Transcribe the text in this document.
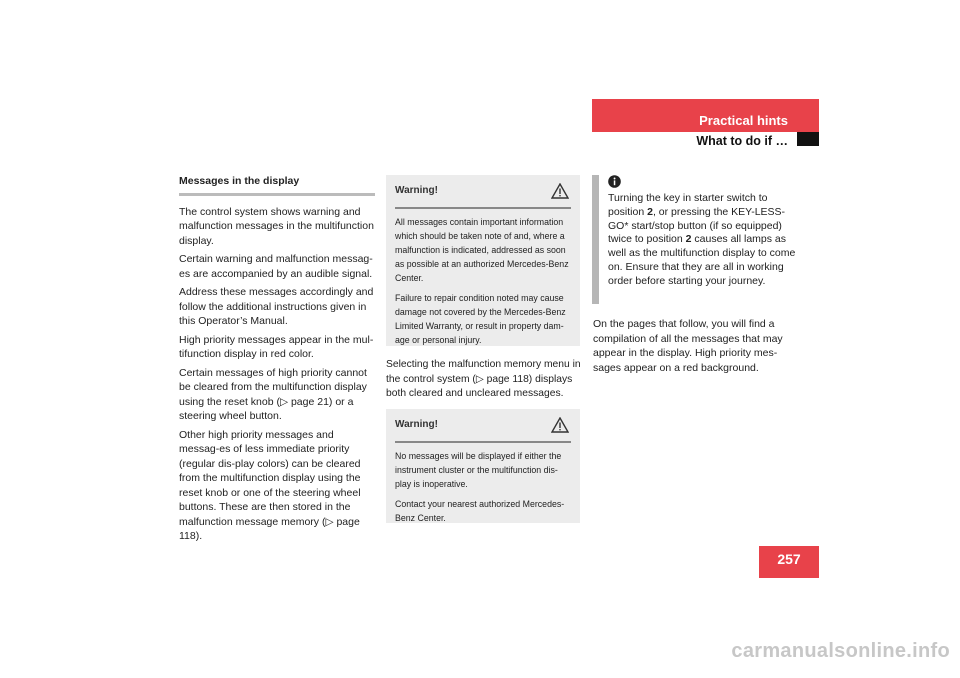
Practical hints
What to do if …
Messages in the display

The control system shows warning and malfunction messages in the multifunction display.

Certain warning and malfunction messag-es are accompanied by an audible signal.

Address these messages accordingly and follow the additional instructions given in this Operator’s Manual.

High priority messages appear in the mul-tifunction display in red color.

Certain messages of high priority cannot be cleared from the multifunction display using the reset knob (▷ page 21) or a steering wheel button.

Other high priority messages and messag-es of less immediate priority (regular dis-play colors) can be cleared from the multifunction display using the reset knob or one of the steering wheel buttons. These are then stored in the malfunction message memory (▷ page 118).

Warning!

All messages contain important information which should be taken note of and, where a malfunction is indicated, addressed as soon as possible at an authorized Mercedes-Benz Center.

Failure to repair condition noted may cause damage not covered by the Mercedes-Benz Limited Warranty, or result in property dam-age or personal injury.

Selecting the malfunction memory menu in the control system (▷ page 118) displays both cleared and uncleared messages.

Warning!

No messages will be displayed if either the instrument cluster or the multifunction dis-play is inoperative.

Contact your nearest authorized Mercedes-Benz Center.

Turning the key in starter switch to position 2, or pressing the KEY-LESS-GO* start/stop button (if so equipped) twice to position 2 causes all lamps as well as the multifunction display to come on. Ensure that they are all in working order before starting your journey.

On the pages that follow, you will find a compilation of all the messages that may appear in the display. High priority mes-sages appear on a red background.

257
carmanualsonline.info
